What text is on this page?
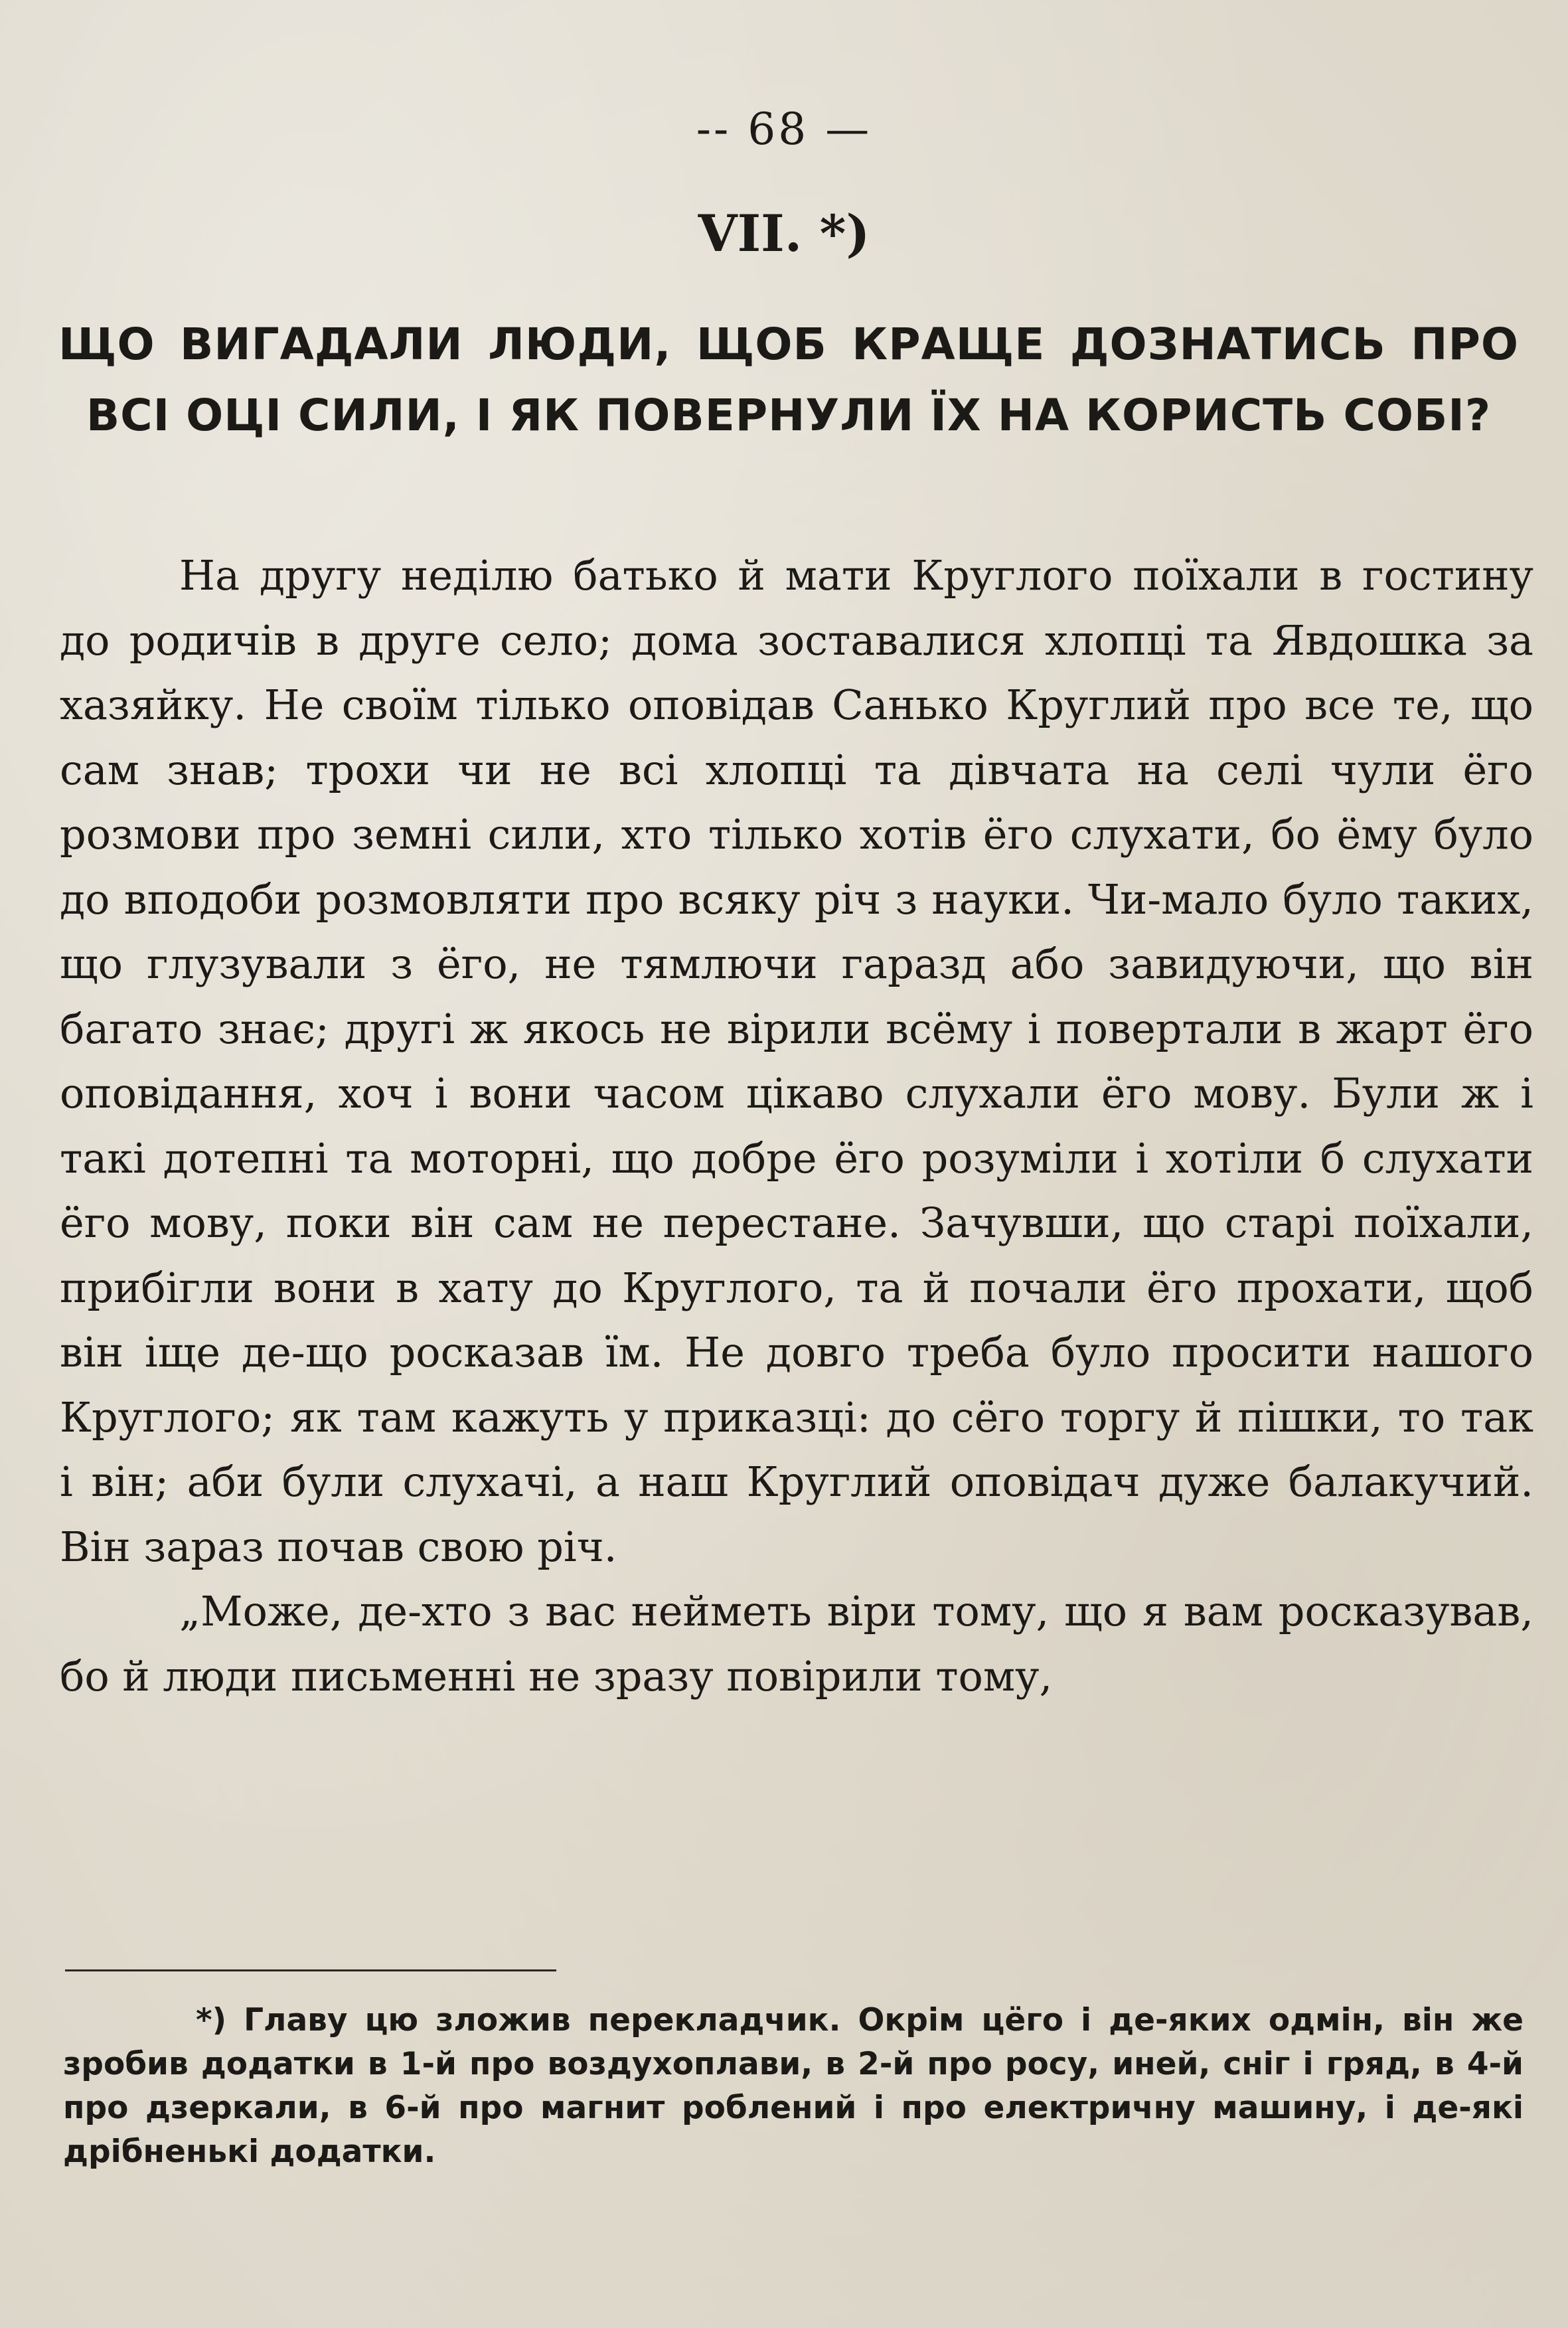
-- 68 —
VII. *)
ЩО ВИГАДАЛИ ЛЮДИ, ЩОБ КРАЩЕ ДОЗНАТИСЬ ПРО ВСІ ОЦІ СИЛИ, І ЯК ПОВЕРНУЛИ ЇХ НА КОРИСТЬ СОБІ?

На другу неділю батько й мати Круглого поїхали в гостину до родичів в друге село; дома зоставалися хлопці та Явдошка за хазяйку. Не своїм тілько оповідав Санько Круглий про все те, що сам знав; трохи чи не всі хлопці та дівчата на селі чули ёго розмови про земні сили, хто тілько хотів ёго слухати, бо ёму було до вподоби розмовляти про всяку річ з науки. Чи-мало було таких, що глузували з ёго, не тямлючи гаразд або завидуючи, що він багато знає; другі ж якось не вірили всёму і повертали в жарт ёго оповідання, хоч і вони часом цікаво слухали ёго мову. Були ж і такі дотепні та моторні, що добре ёго розуміли і хотіли б слухати ёго мову, поки він сам не перестане. Зачувши, що старі поїхали, прибігли вони в хату до Круглого, та й почали ёго прохати, щоб він іще де-що росказав їм. Не довго треба було просити нашого Круглого; як там кажуть у приказці: до сёго торгу й пішки, то так і він; аби були слухачі, а наш Круглий оповідач дуже балакучий. Він зараз почав свою річ.

„Може, де-хто з вас нейметь віри тому, що я вам росказував, бо й люди письменні не зразу повірили тому,

*) Главу цю зложив перекладчик. Окрім цёго і де-яких одмін, він же зробив додатки в 1-й про воздухоплави, в 2-й про росу, иней, сніг і гряд, в 4-й про дзеркали, в 6-й про магнит роблений і про електричну машину, і де-які дрібненькі додатки.
